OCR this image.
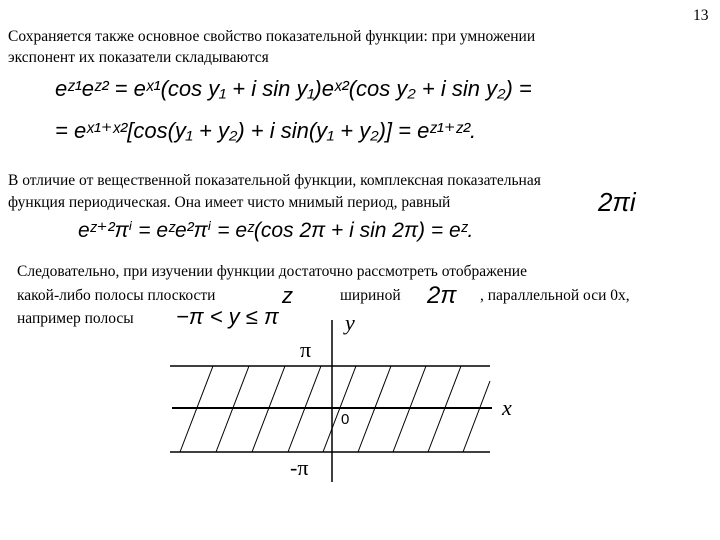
13
Сохраняется также основное свойство показательной функции: при умножении
экспонент их показатели складываются
eᶻ¹eᶻ² = eˣ¹(cos y₁ + i sin y₁)eˣ²(cos y₂ + i sin y₂) =
= eˣ¹⁺ˣ²[cos(y₁ + y₂) + i sin(y₁ + y₂)] = eᶻ¹⁺ᶻ².
В отличие от вещественной показательной функции, комплексная показательная
функция периодическая. Она имеет чисто мнимый период, равный	2πi
eᶻ⁺²πⁱ = eᶻe²πⁱ = eᶻ(cos 2π + i sin 2π) = eᶻ.
Следовательно, при изучении функции достаточно рассмотреть отображение
какой-либо полосы плоскости	z	шириной 2π , параллельной оси 0x,
например полосы −π < y ≤ π	y
x
0
π
-π
